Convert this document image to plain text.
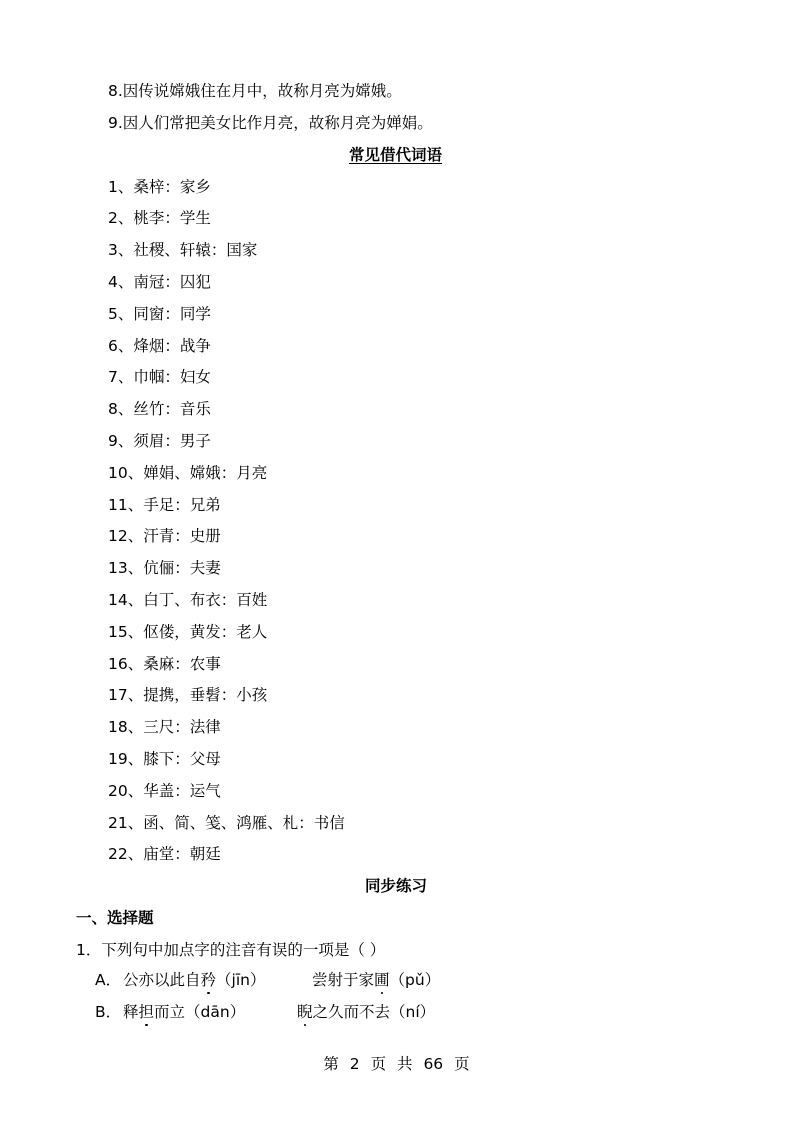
8.因传说嫦娥住在月中，故称月亮为嫦娥。
9.因人们常把美女比作月亮，故称月亮为婵娟。
常见借代词语
1、桑梓：家乡
2、桃李：学生
3、社稷、轩辕：国家
4、南冠：囚犯
5、同窗：同学
6、烽烟：战争
7、巾帼：妇女
8、丝竹：音乐
9、须眉：男子
10、婵娟、嫦娥：月亮
11、手足：兄弟
12、汗青：史册
13、伉俪：夫妻
14、白丁、布衣：百姓
15、伛偻，黄发：老人
16、桑麻：农事
17、提携，垂髫：小孩
18、三尺：法律
19、膝下：父母
20、华盖：运气
21、函、简、笺、鸿雁、札：书信
22、庙堂：朝廷
同步练习
一、选择题
1．下列句中加点字的注音有误的一项是（ ）
A． 公亦以此自矜（jīn）	尝射于家圃（pǔ）
B． 释担而立（dān）	睨之久而不去（ní）
第 2 页 共 66 页
